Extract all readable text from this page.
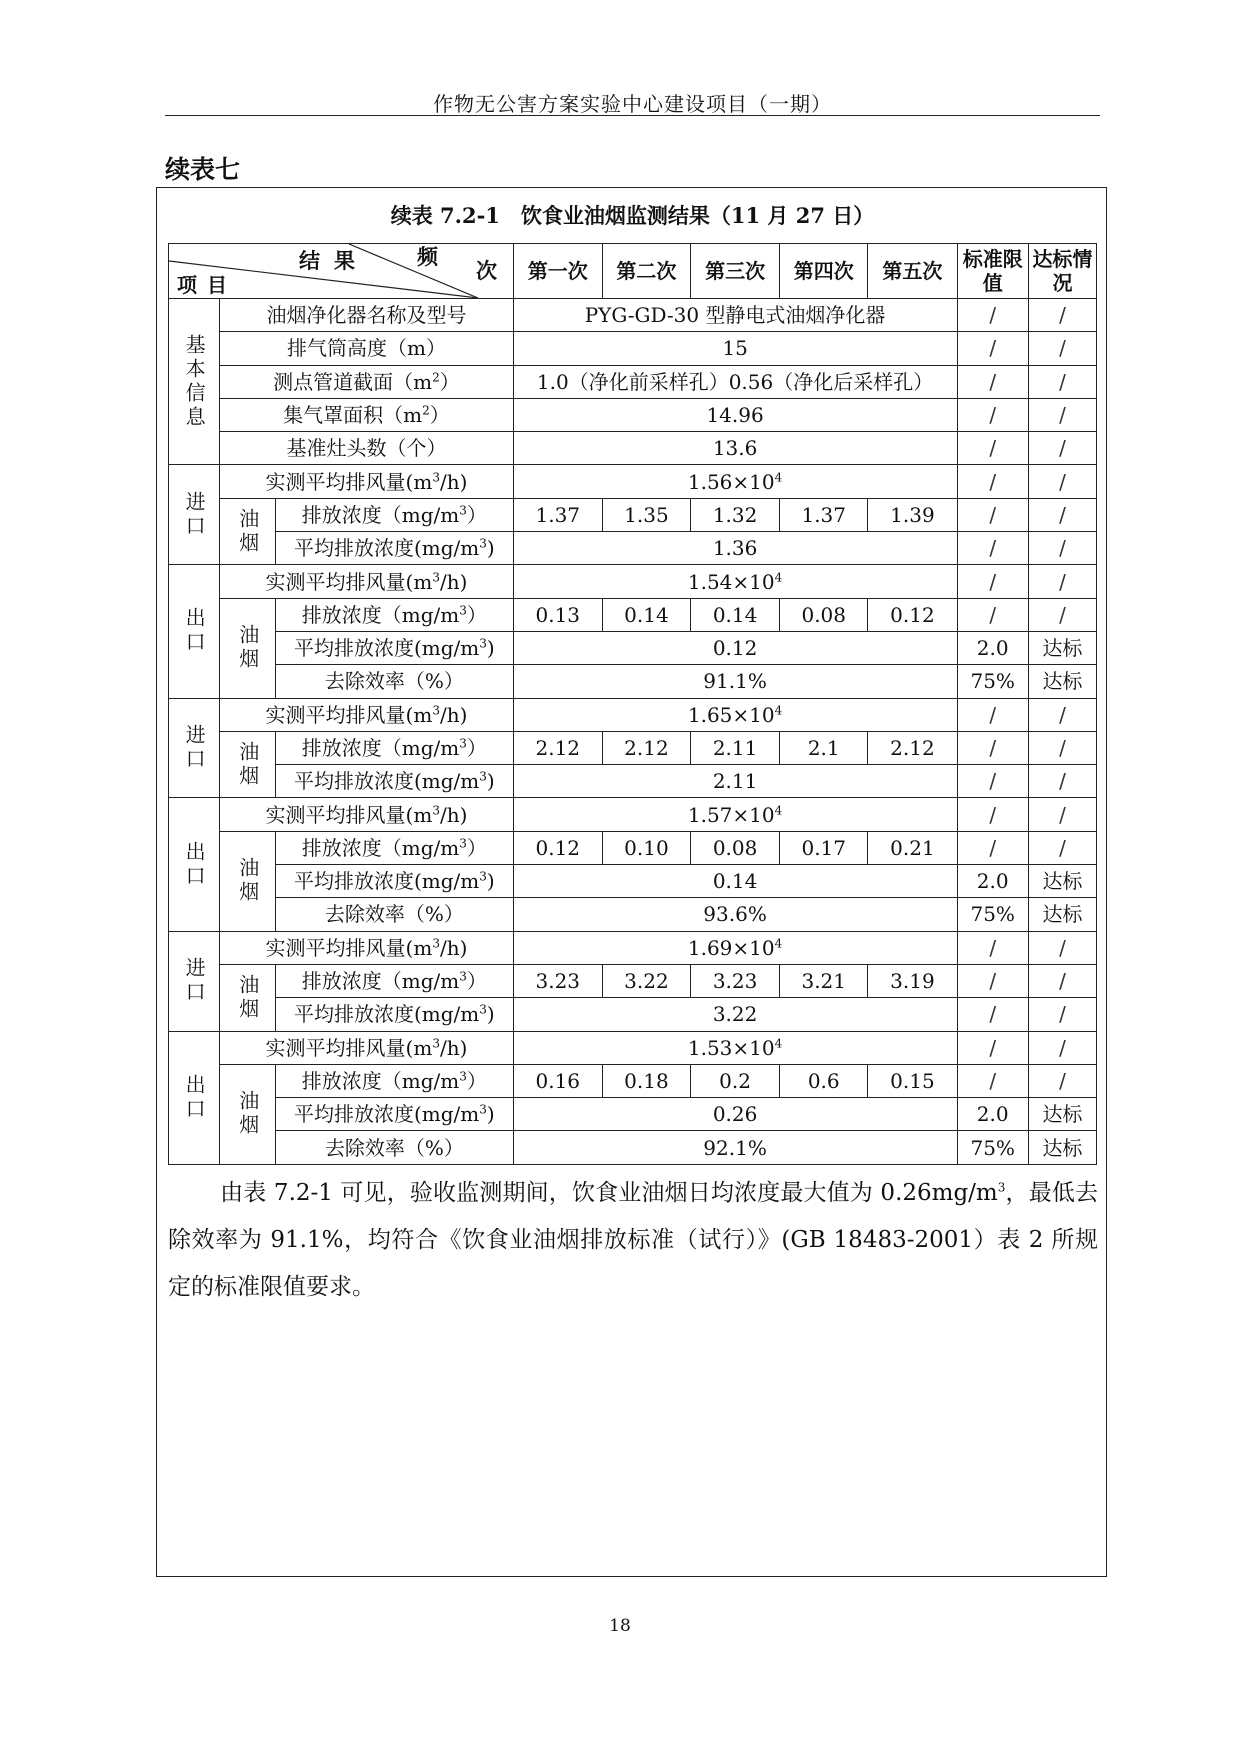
作物无公害方案实验中心建设项目（一期）
续表七
续表 7.2-1　饮食业油烟监测结果（11 月 27 日）
结果 频
次
项目			第一次	第二次	第三次	第四次	第五次	标准限值	达标情况
基本信息	油烟净化器名称及型号		PYG-GD-30 型静电式油烟净化器					/	/
	排气筒高度（m）		15					/	/
	测点管道截面$(m^2)$		1.0（净化前采样孔）0.56（净化后采样孔）					/	/
	集气罩面积$(m^2)$		14.96					/	/
	基准灶头数（个）		13.6					/	/
进口	实测平均排风量$(m^3/h)$		$1.56\times 10^4$					/	/
	油烟	排放浓度$(mg/m^3)$	1.37	1.35	1.32	1.37	1.39	/	/
		平均排放浓度$(mg/m^3)$	1.36					/	/
出口	实测平均排风量$(m^3/h)$		$1.54\times 10^4$					/	/
	油烟	排放浓度$(mg/m^3)$	0.13	0.14	0.14	0.08	0.12	/	/
		平均排放浓度$(mg/m^3)$	0.12					2.0	达标
		去除效率（%）	91.1%					75%	达标
进口	实测平均排风量$(m^3/h)$		$1.65\times 10^4$					/	/
	油烟	排放浓度$(mg/m^3)$	2.12	2.12	2.11	2.1	2.12	/	/
		平均排放浓度$(mg/m^3)$	2.11					/	/
出口	实测平均排风量$(m^3/h)$		$1.57\times 10^4$					/	/
	油烟	排放浓度$(mg/m^3)$	0.12	0.10	0.08	0.17	0.21	/	/
		平均排放浓度$(mg/m^3)$	0.14					2.0	达标
		去除效率（%）	93.6%					75%	达标
进口	实测平均排风量$(m^3/h)$		$1.69\times 10^4$					/	/
	油烟	排放浓度$(mg/m^3)$	3.23	3.22	3.23	3.21	3.19	/	/
		平均排放浓度$(mg/m^3)$	3.22					/	/
出口	实测平均排风量$(m^3/h)$		$1.53\times 10^4$					/	/
	油烟	排放浓度$(mg/m^3)$	0.16	0.18	0.2	0.6	0.15	/	/
		平均排放浓度$(mg/m^3)$	0.26					2.0	达标
		去除效率（%）	92.1%					75%	达标
由表 7.2-1 可见，验收监测期间，饮食业油烟日均浓度最大值为 $0.26mg/m^3$，最低去除效率为 91.1%，均符合《饮食业油烟排放标准（试行）》(GB 18483-2001）表 2 所规定的标准限值要求。
18
